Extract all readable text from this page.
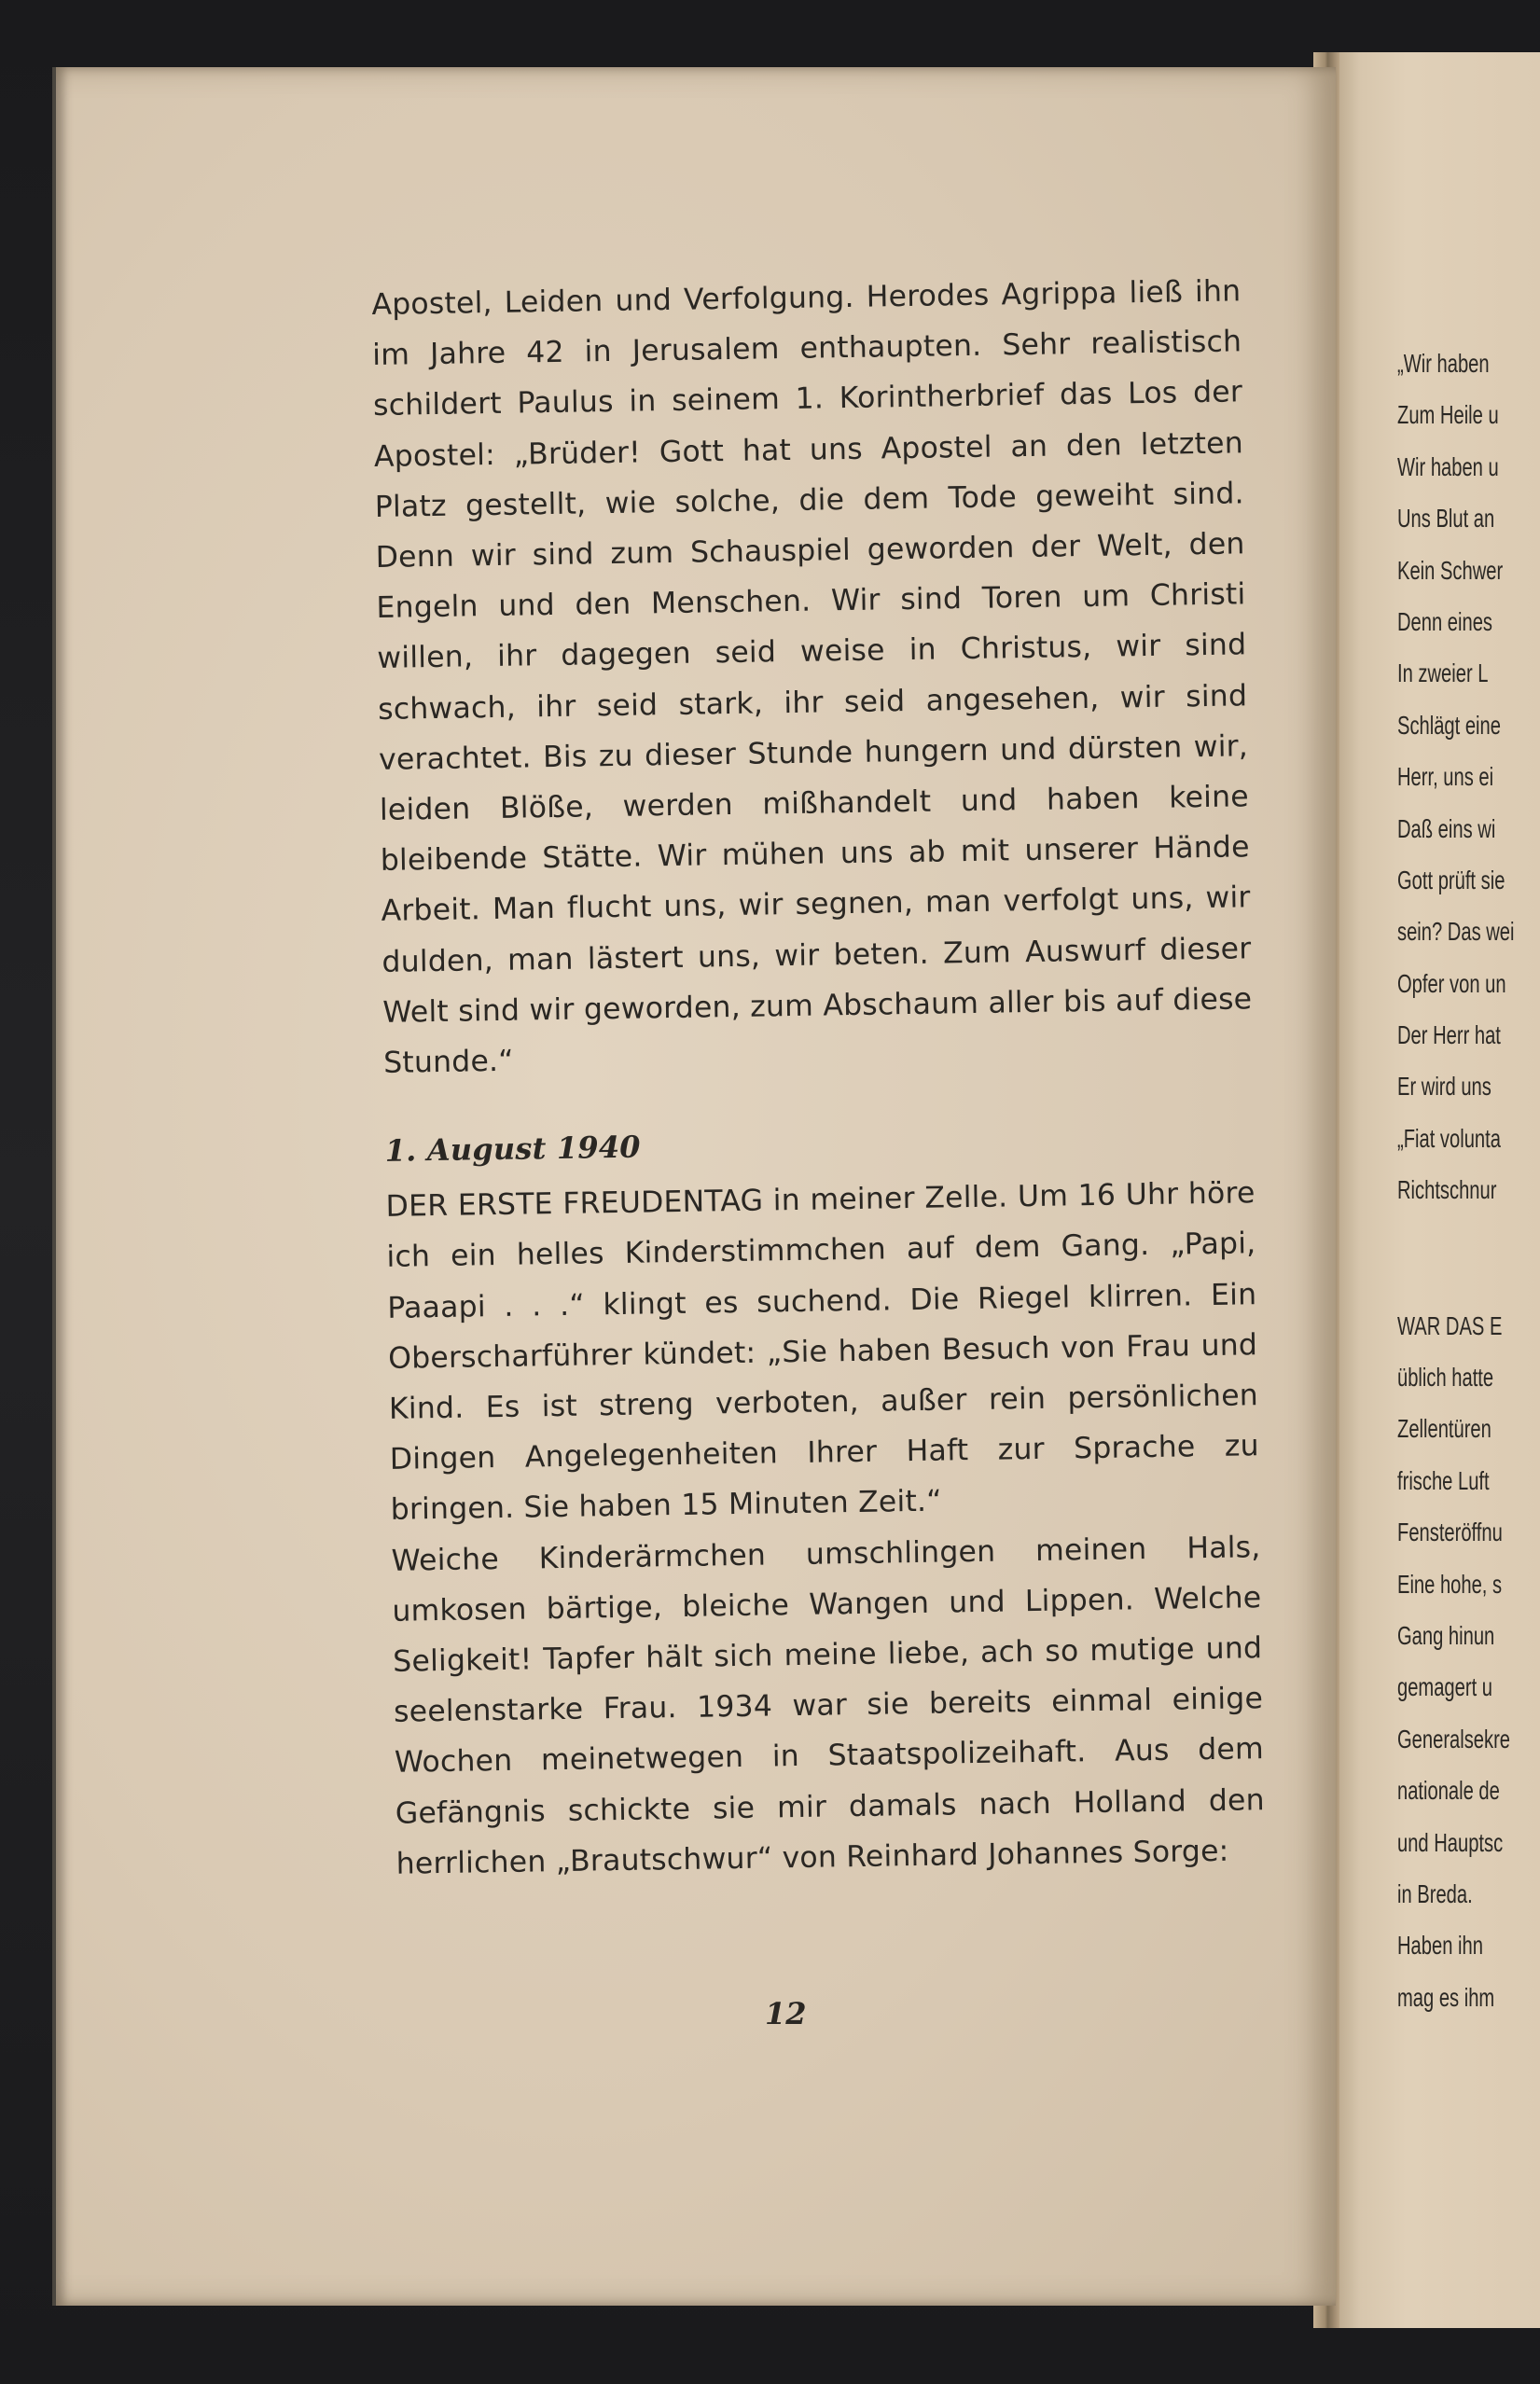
„Wir haben
Zum Heile u
Wir haben u
Uns Blut an
Kein Schwer
Denn eines
In zweier L
Schlägt eine
Herr, uns ei
Daß eins wi
Gott prüft sie
sein? Das wei
Opfer von un
Der Herr hat
Er wird uns
„Fiat volunta
Richtschnur
WAR DAS E
üblich hatte
Zellentüren
frische Luft
Fensteröffnu
Eine hohe, s
Gang hinun
gemagert u
Generalsekre
nationale de
und Hauptsc
in Breda.
Haben ihn
mag es ihm

Apostel, Leiden und Verfolgung. Herodes Agrippa ließ ihn im Jahre 42 in Jerusalem enthaupten. Sehr realistisch schildert Paulus in seinem 1. Korintherbrief das Los der Apostel: „Brüder! Gott hat uns Apostel an den letzten Platz gestellt, wie solche, die dem Tode geweiht sind. Denn wir sind zum Schauspiel geworden der Welt, den Engeln und den Menschen. Wir sind Toren um Christi willen, ihr dagegen seid weise in Christus, wir sind schwach, ihr seid stark, ihr seid angesehen, wir sind verachtet. Bis zu dieser Stunde hungern und dürsten wir, leiden Blöße, werden mißhandelt und haben keine bleibende Stätte. Wir mühen uns ab mit unserer Hände Arbeit. Man flucht uns, wir segnen, man verfolgt uns, wir dulden, man lästert uns, wir beten. Zum Auswurf dieser Welt sind wir geworden, zum Abschaum aller bis auf diese Stunde.“

1. August 1940

DER ERSTE FREUDENTAG in meiner Zelle. Um 16 Uhr höre ich ein helles Kinderstimmchen auf dem Gang. „Papi, Paaapi . . .“ klingt es suchend. Die Riegel klirren. Ein Oberscharführer kündet: „Sie haben Besuch von Frau und Kind. Es ist streng verboten, außer rein persönlichen Dingen Angelegenheiten Ihrer Haft zur Sprache zu bringen. Sie haben 15 Minuten Zeit.“

Weiche Kinderärmchen umschlingen meinen Hals, umkosen bärtige, bleiche Wangen und Lippen. Welche Seligkeit! Tapfer hält sich meine liebe, ach so mutige und seelenstarke Frau. 1934 war sie bereits einmal einige Wochen meinetwegen in Staatspolizeihaft. Aus dem Gefängnis schickte sie mir damals nach Holland den herrlichen „Brautschwur“ von Reinhard Johannes Sorge:

12
